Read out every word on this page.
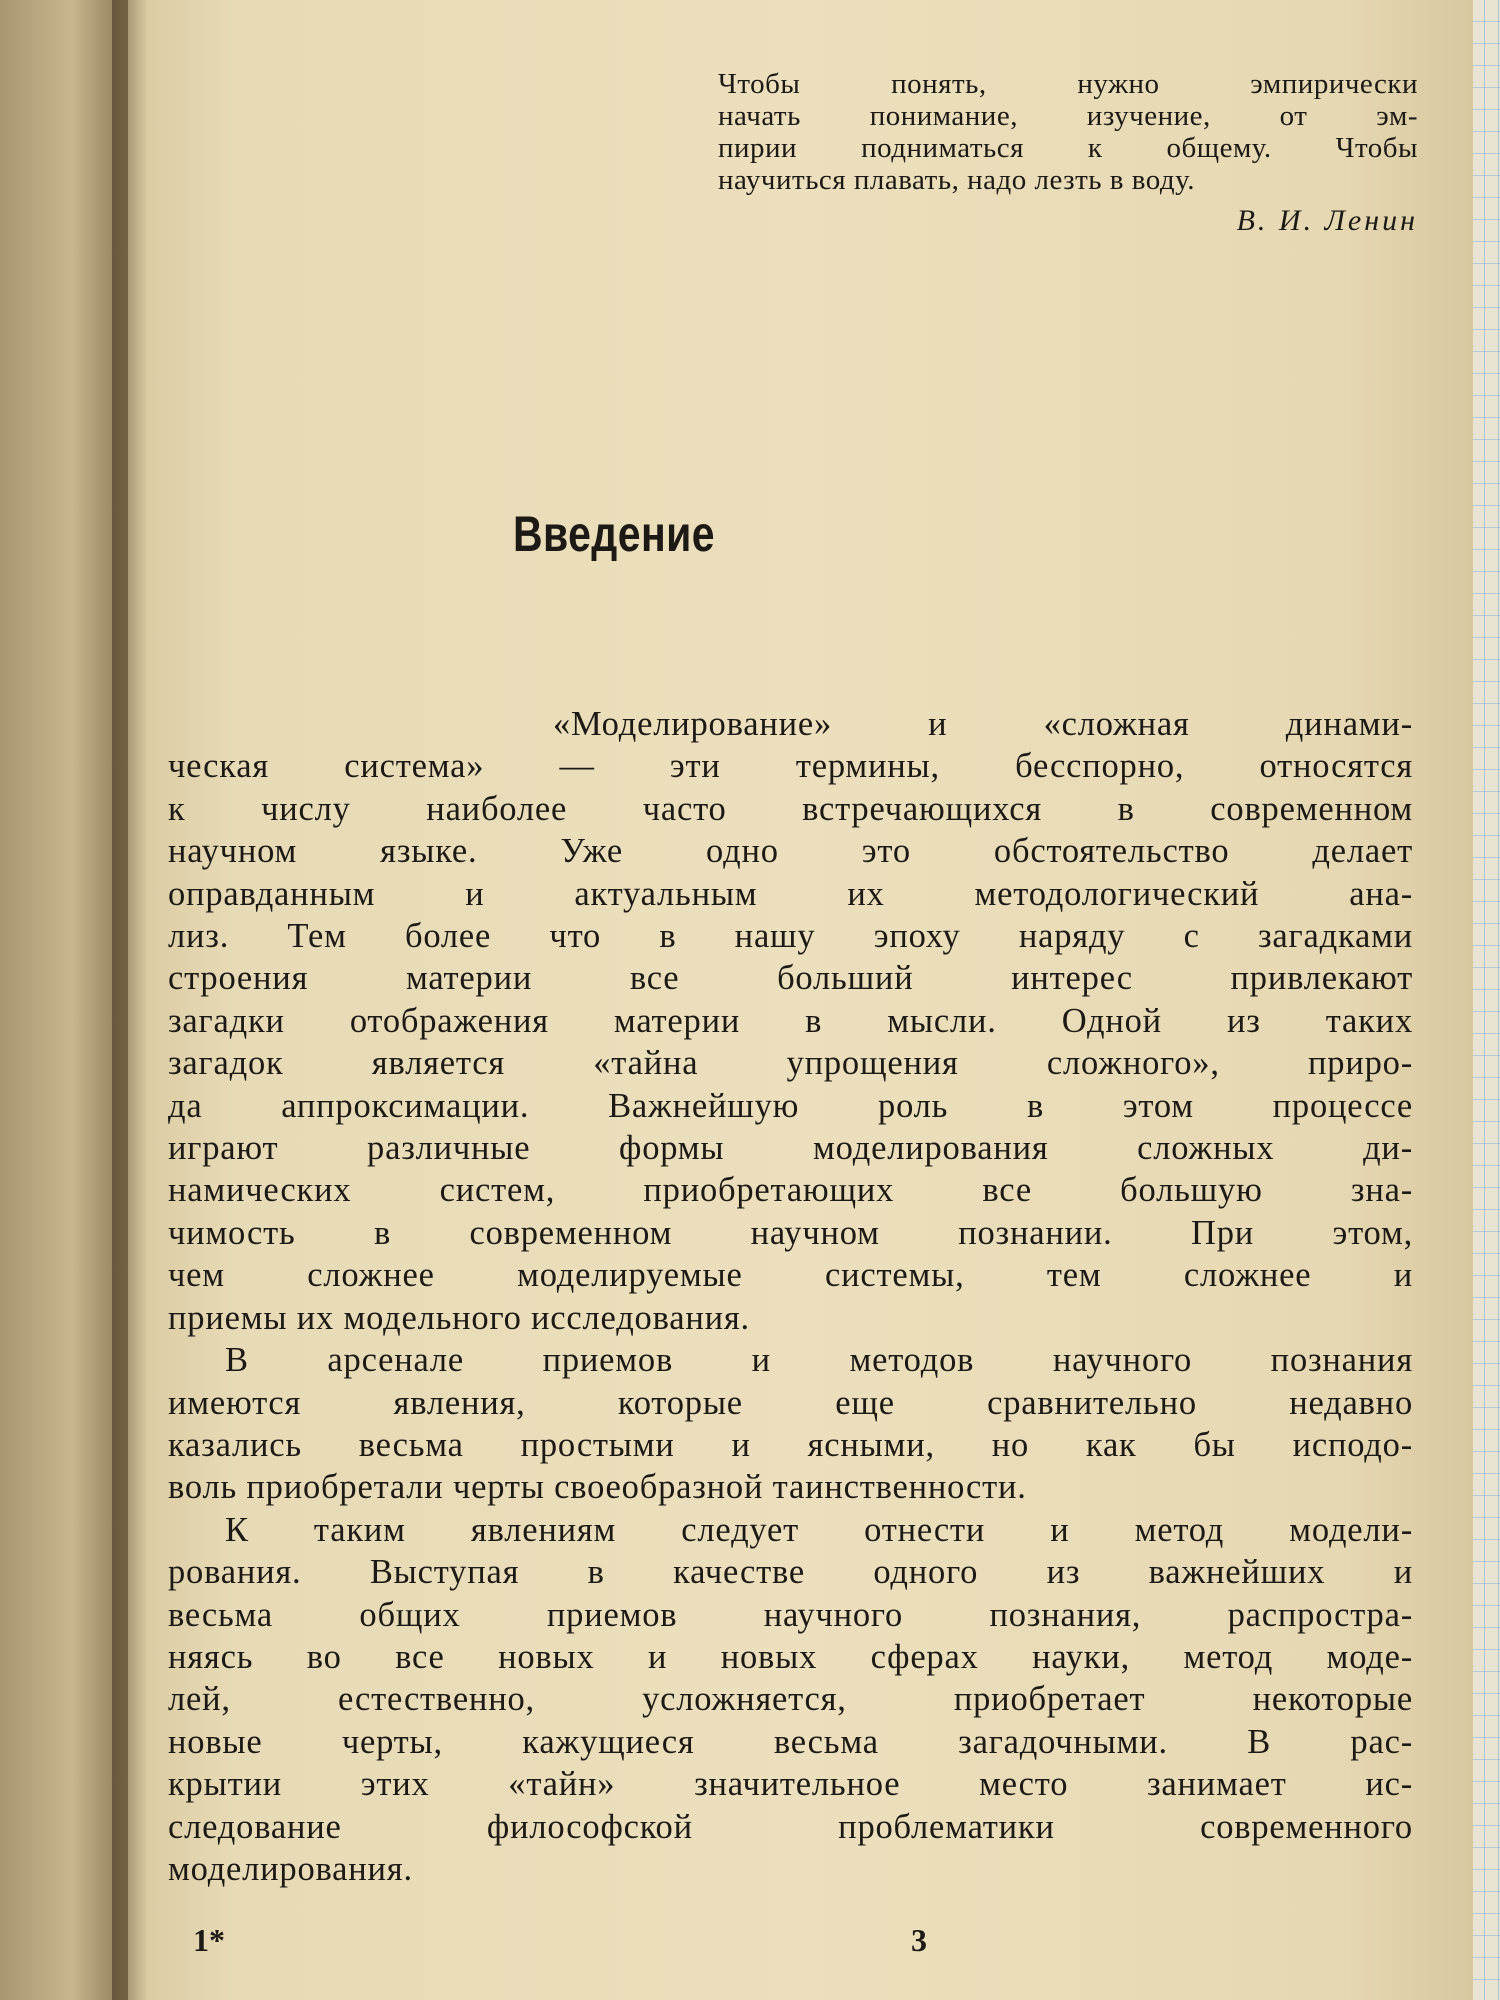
Чтобы понять, нужно эмпирически
начать понимание, изучение, от эм-
пирии подниматься к общему. Чтобы
научиться плавать, надо лезть в воду.
В. И. Ленин
Введение
«Моделирование» и «сложная динами-
ческая система» — эти термины, бесспорно, относятся
к числу наиболее часто встречающихся в современном
научном языке. Уже одно это обстоятельство делает
оправданным и актуальным их методологический ана-
лиз. Тем более что в нашу эпоху наряду с загадками
строения материи все больший интерес привлекают
загадки отображения материи в мысли. Одной из таких
загадок является «тайна упрощения сложного», приро-
да аппроксимации. Важнейшую роль в этом процессе
играют различные формы моделирования сложных ди-
намических систем, приобретающих все большую зна-
чимость в современном научном познании. При этом,
чем сложнее моделируемые системы, тем сложнее и
приемы их модельного исследования.
В арсенале приемов и методов научного познания
имеются явления, которые еще сравнительно недавно
казались весьма простыми и ясными, но как бы исподо-
воль приобретали черты своеобразной таинственности.
К таким явлениям следует отнести и метод модели-
рования. Выступая в качестве одного из важнейших и
весьма общих приемов научного познания, распростра-
няясь во все новых и новых сферах науки, метод моде-
лей, естественно, усложняется, приобретает некоторые
новые черты, кажущиеся весьма загадочными. В рас-
крытии этих «тайн» значительное место занимает ис-
следование философской проблематики современного
моделирования.
1*	3
